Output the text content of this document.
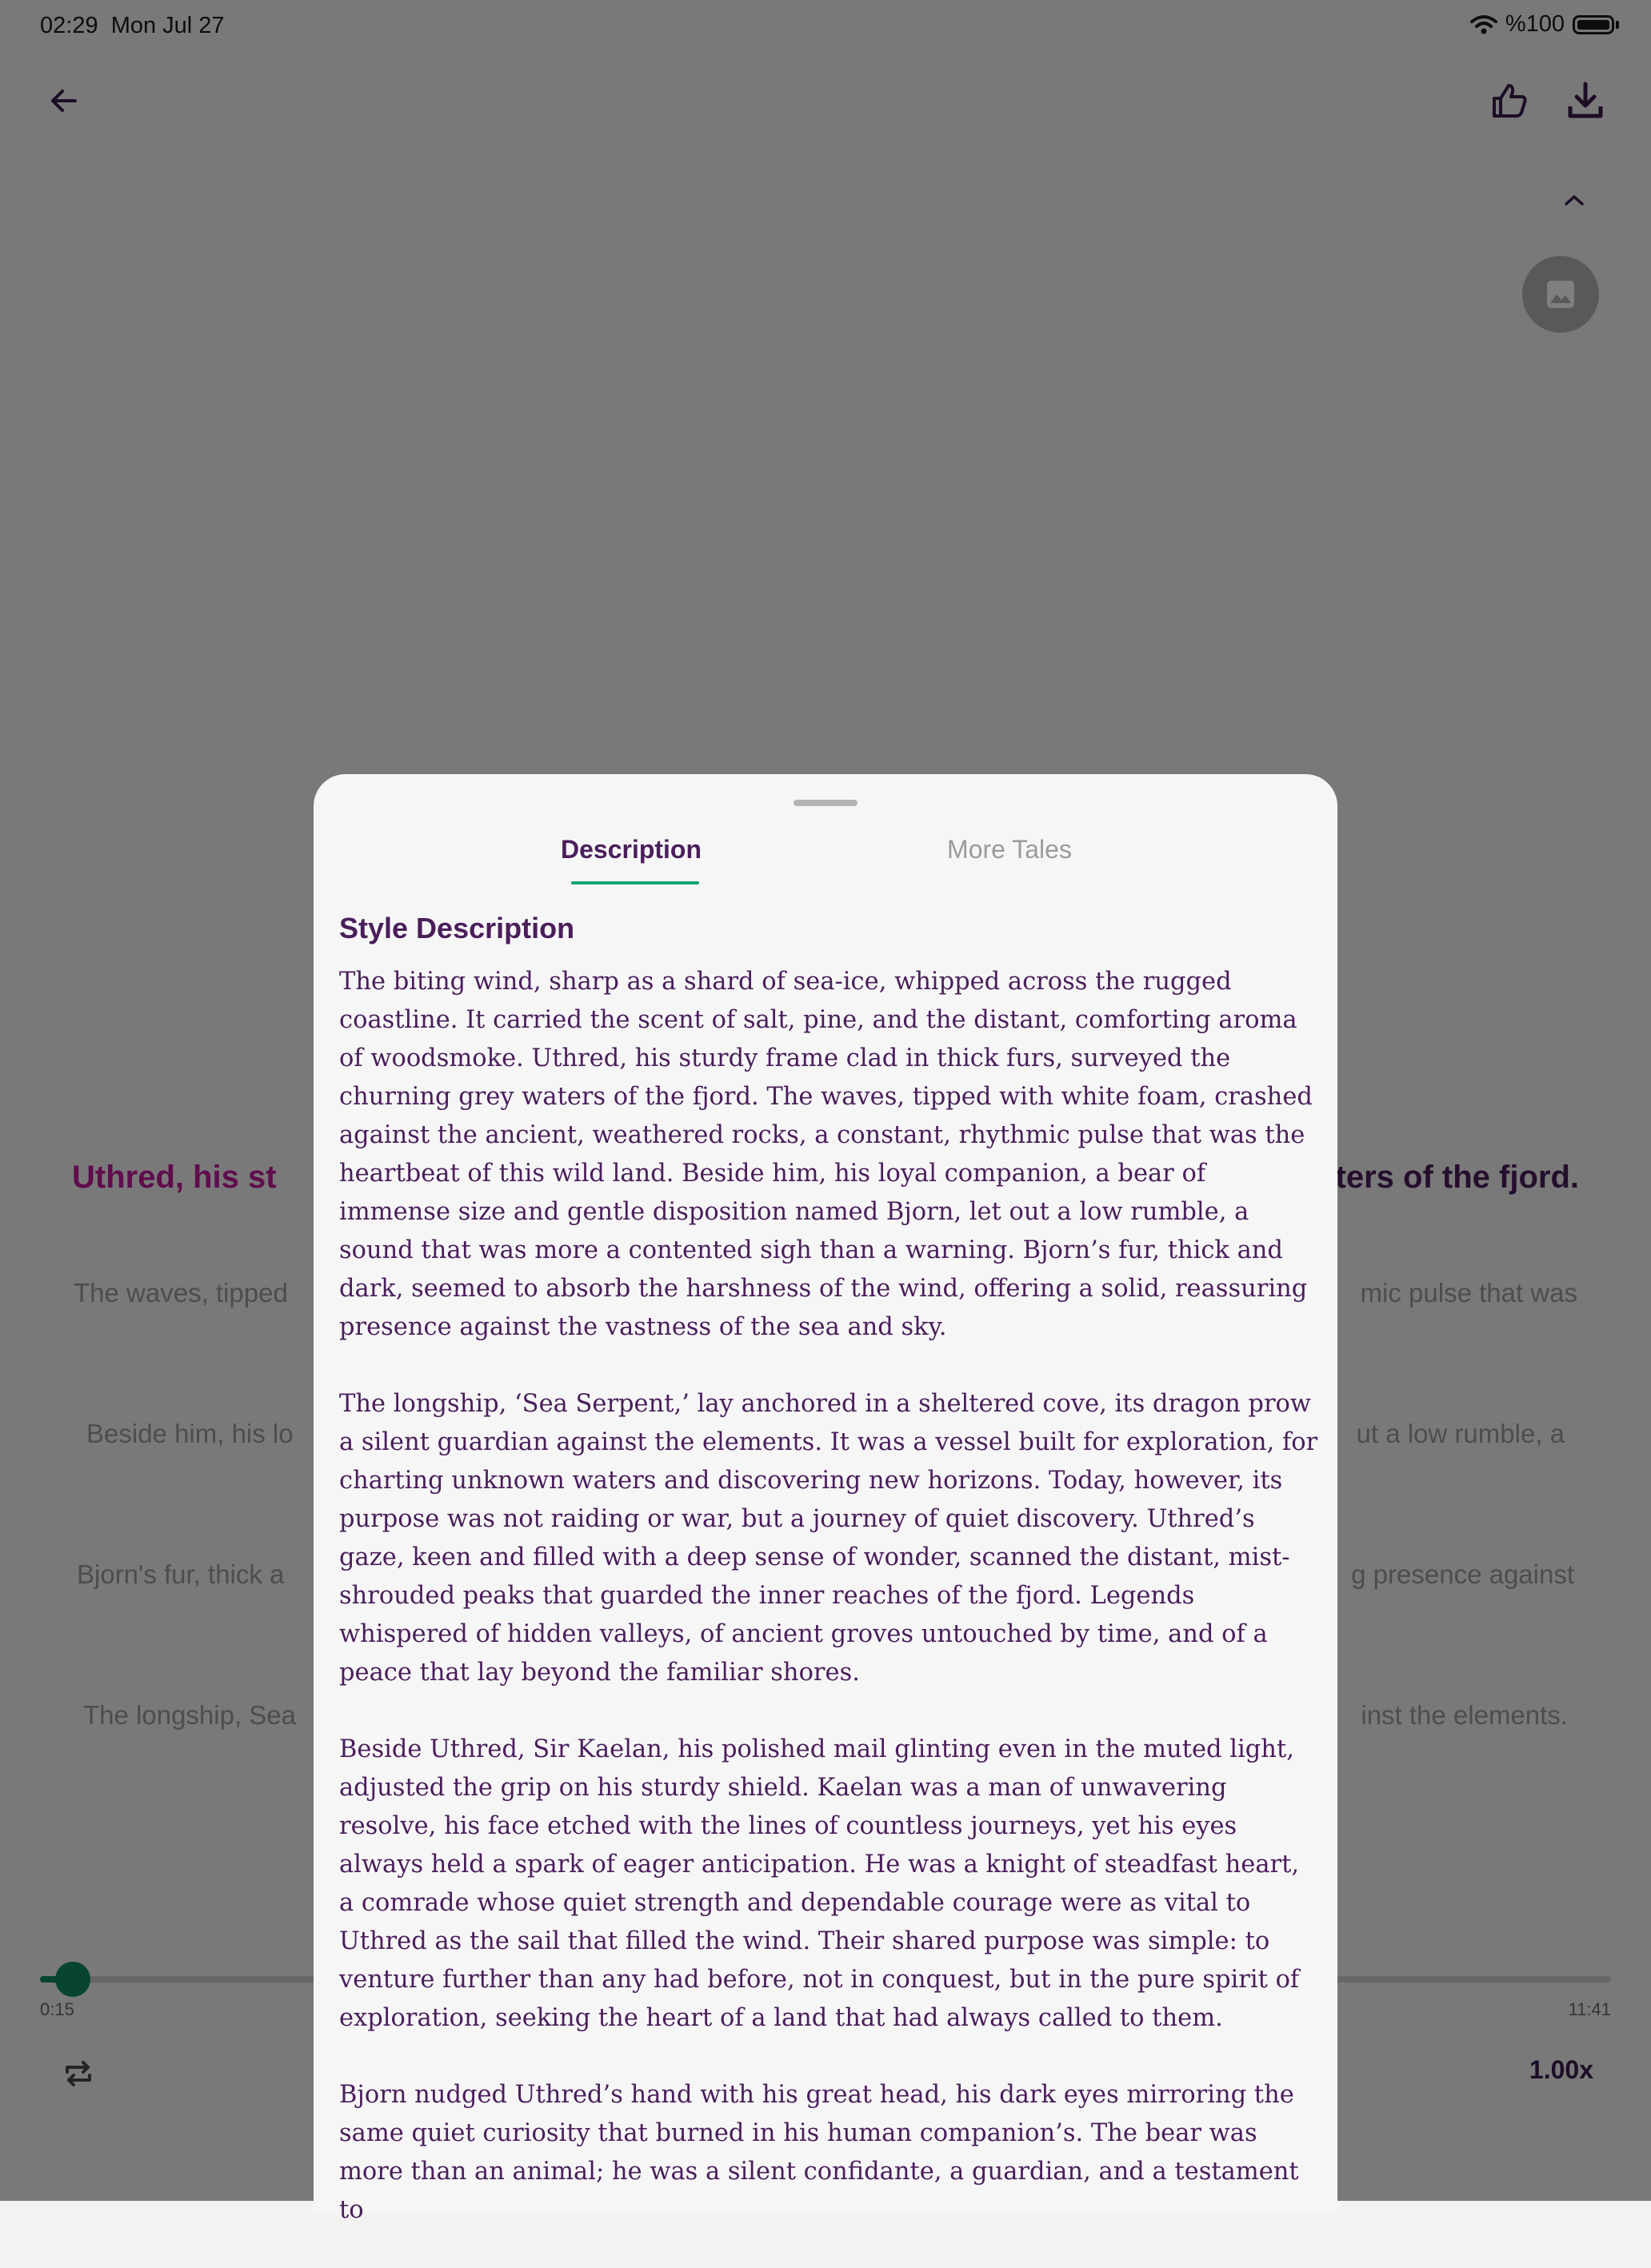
Description	More Tales
Style Description

The biting wind, sharp as a shard of sea-ice, whipped across the rugged coastline. It carried the scent of salt, pine, and the distant, comforting aroma of woodsmoke. Uthred, his sturdy frame clad in thick furs, surveyed the churning grey waters of the fjord. The waves, tipped with white foam, crashed against the ancient, weathered rocks, a constant, rhythmic pulse that was the heartbeat of this wild land. Beside him, his loyal companion, a bear of immense size and gentle disposition named Bjorn, let out a low rumble, a sound that was more a contented sigh than a warning. Bjorn’s fur, thick and dark, seemed to absorb the harshness of the wind, offering a solid, reassuring presence against the vastness of the sea and sky.

The longship, ‘Sea Serpent,’ lay anchored in a sheltered cove, its dragon prow a silent guardian against the elements. It was a vessel built for exploration, for charting unknown waters and discovering new horizons. Today, however, its purpose was not raiding or war, but a journey of quiet discovery. Uthred’s gaze, keen and filled with a deep sense of wonder, scanned the distant, mist-shrouded peaks that guarded the inner reaches of the fjord. Legends whispered of hidden valleys, of ancient groves untouched by time, and of a peace that lay beyond the familiar shores.

Beside Uthred, Sir Kaelan, his polished mail glinting even in the muted light, adjusted the grip on his sturdy shield. Kaelan was a man of unwavering resolve, his face etched with the lines of countless journeys, yet his eyes always held a spark of eager anticipation. He was a knight of steadfast heart, a comrade whose quiet strength and dependable courage were as vital to Uthred as the sail that filled the wind. Their shared purpose was simple: to venture further than any had before, not in conquest, but in the pure spirit of exploration, seeking the heart of a land that had always called to them.

Bjorn nudged Uthred’s hand with his great head, his dark eyes mirroring the same quiet curiosity that burned in his human companion’s. The bear was more than an animal; he was a silent confidante, a guardian, and a testament to
